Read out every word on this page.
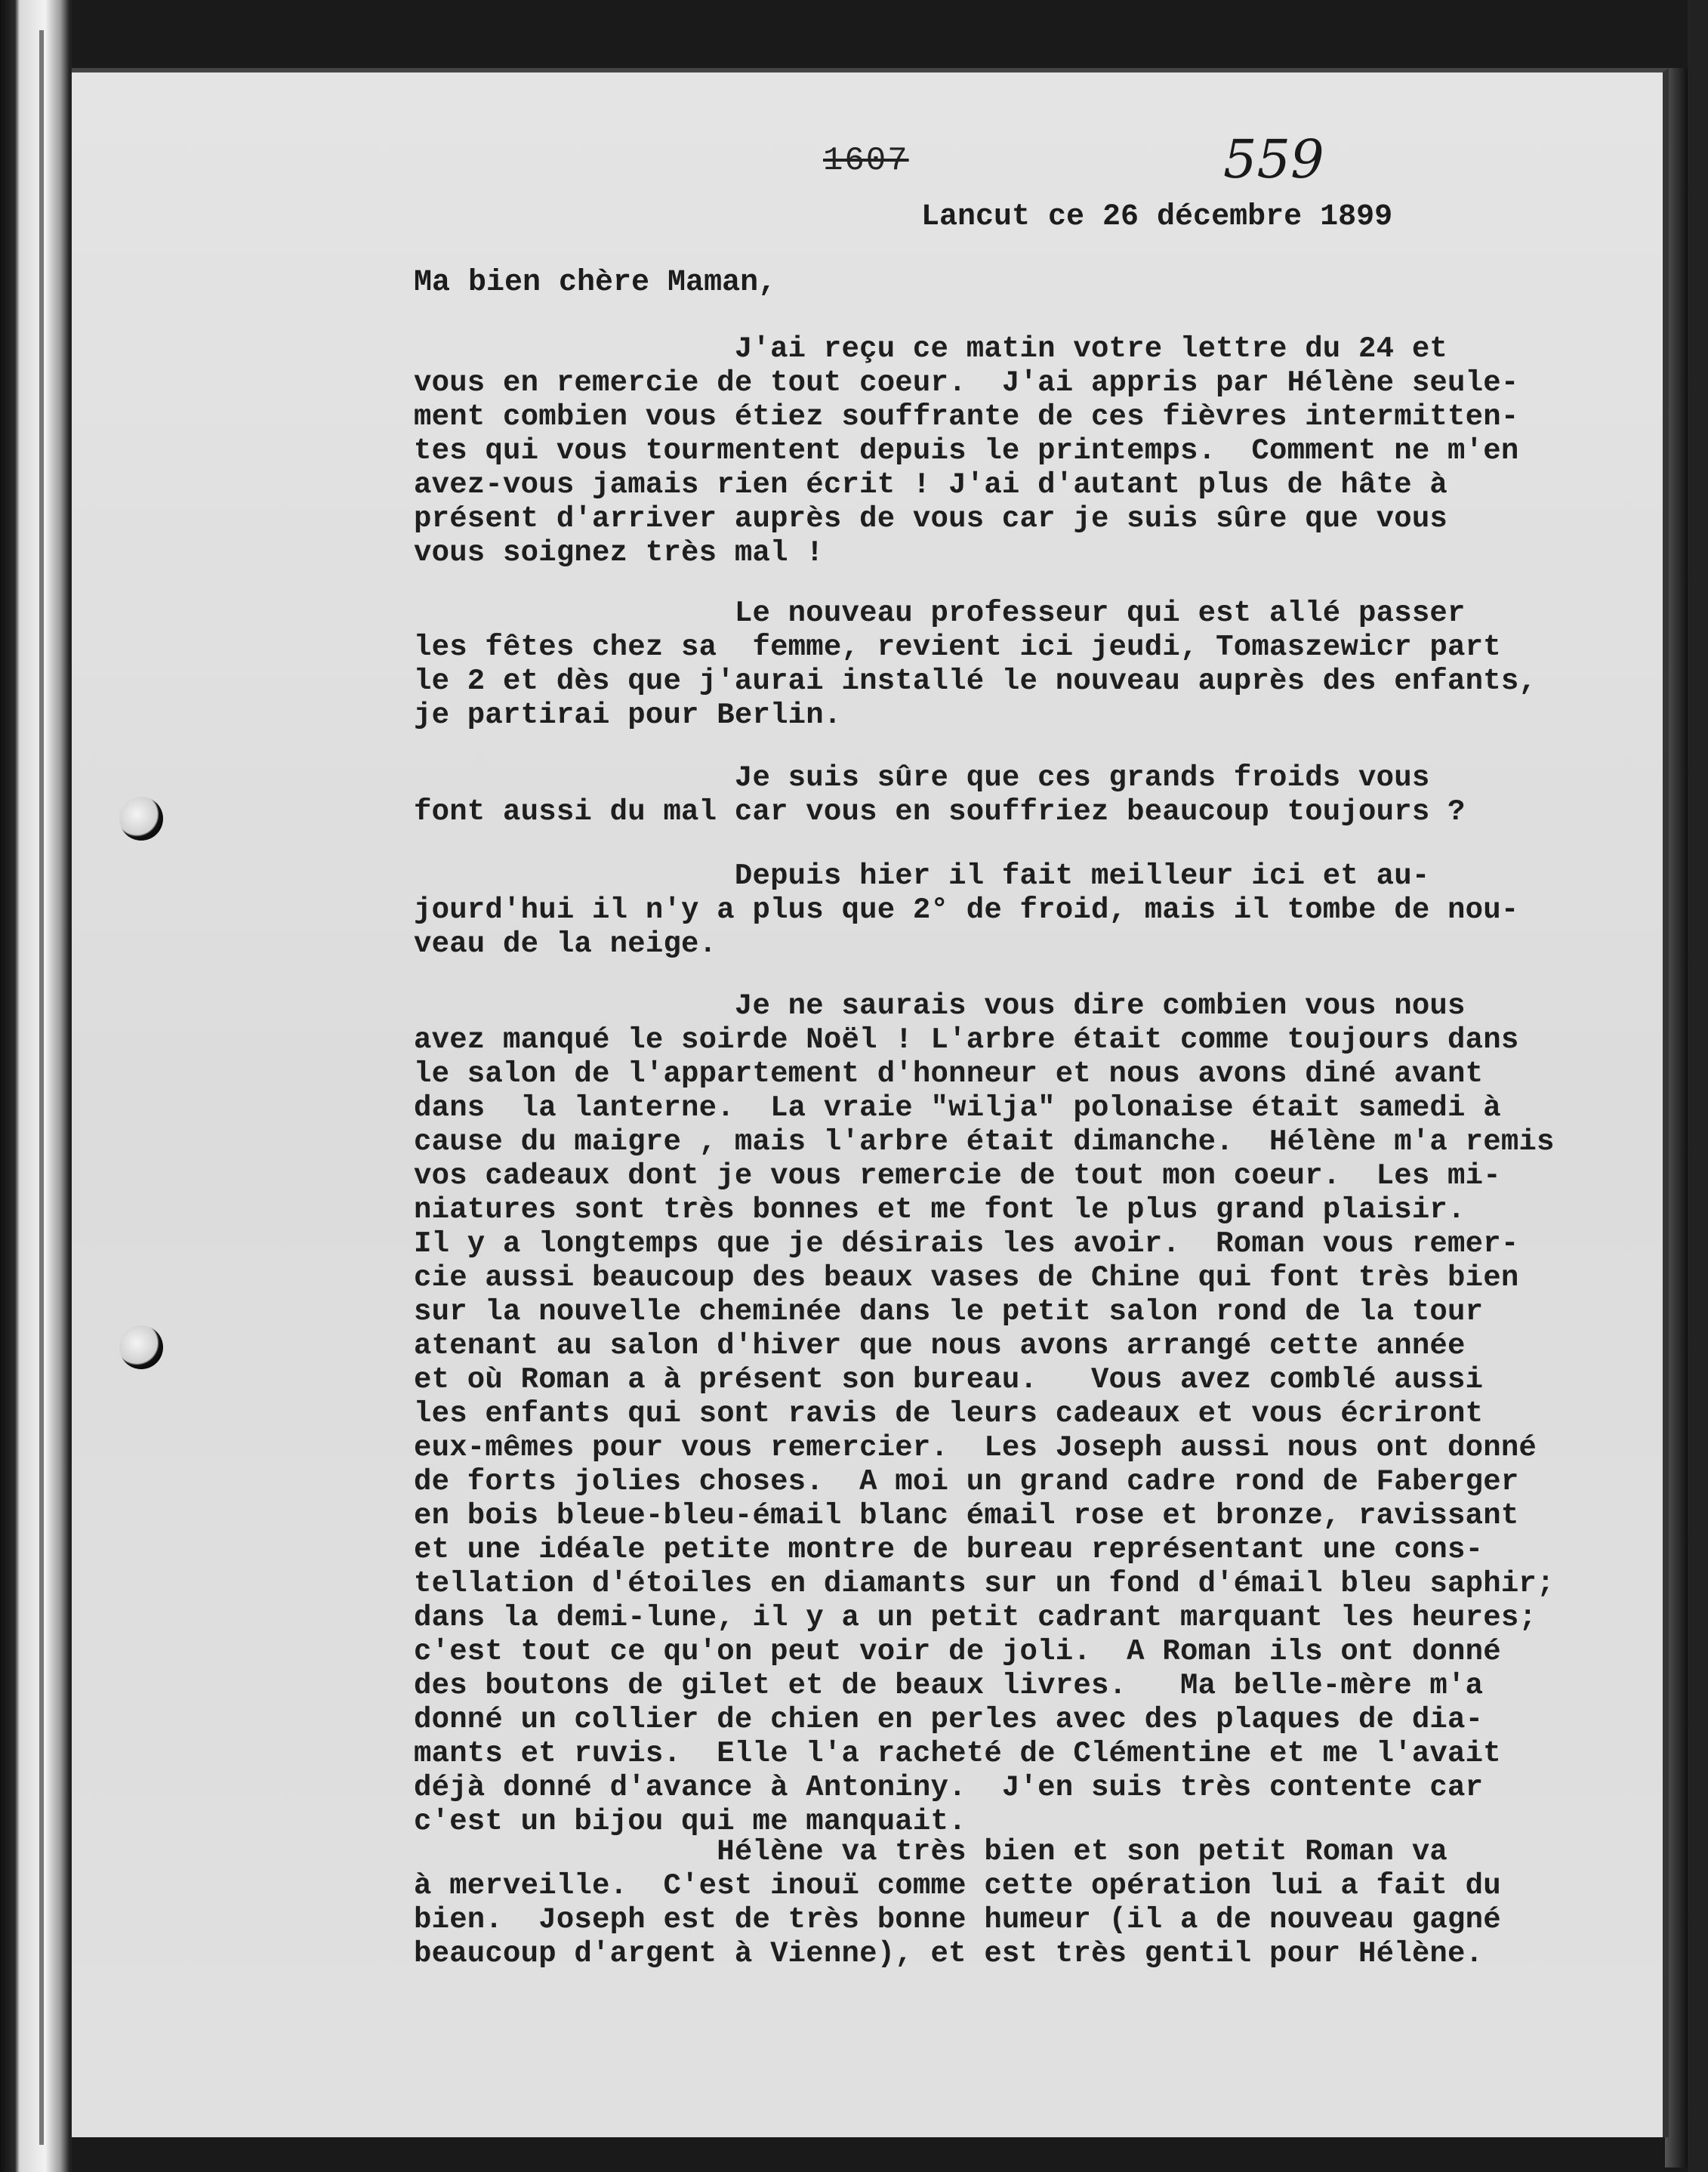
1607	559
Lancut ce 26 décembre 1899
Ma bien chère Maman,

J'ai reçu ce matin votre lettre du 24 et
vous en remercie de tout coeur.  J'ai appris par Hélène seule-
ment combien vous étiez souffrante de ces fièvres intermitten-
tes qui vous tourmentent depuis le printemps.  Comment ne m'en
avez-vous jamais rien écrit ! J'ai d'autant plus de hâte à
présent d'arriver auprès de vous car je suis sûre que vous
vous soignez très mal !

Le nouveau professeur qui est allé passer
les fêtes chez sa  femme, revient ici jeudi, Tomaszewicr part
le 2 et dès que j'aurai installé le nouveau auprès des enfants,
je partirai pour Berlin.

Je suis sûre que ces grands froids vous
font aussi du mal car vous en souffriez beaucoup toujours ?

Depuis hier il fait meilleur ici et au-
jourd'hui il n'y a plus que 2° de froid, mais il tombe de nou-
veau de la neige.

Je ne saurais vous dire combien vous nous
avez manqué le soirde Noël ! L'arbre était comme toujours dans
le salon de l'appartement d'honneur et nous avons diné avant
dans  la lanterne.  La vraie "wilja" polonaise était samedi à
cause du maigre , mais l'arbre était dimanche.  Hélène m'a remis
vos cadeaux dont je vous remercie de tout mon coeur.  Les mi-
niatures sont très bonnes et me font le plus grand plaisir.
Il y a longtemps que je désirais les avoir.  Roman vous remer-
cie aussi beaucoup des beaux vases de Chine qui font très bien
sur la nouvelle cheminée dans le petit salon rond de la tour
atenant au salon d'hiver que nous avons arrangé cette année
et où Roman a à présent son bureau.   Vous avez comblé aussi
les enfants qui sont ravis de leurs cadeaux et vous écriront
eux-mêmes pour vous remercier.  Les Joseph aussi nous ont donné
de forts jolies choses.  A moi un grand cadre rond de Faberger
en bois bleue-bleu-émail blanc émail rose et bronze, ravissant
et une idéale petite montre de bureau représentant une cons-
tellation d'étoiles en diamants sur un fond d'émail bleu saphir;
dans la demi-lune, il y a un petit cadrant marquant les heures;
c'est tout ce qu'on peut voir de joli.  A Roman ils ont donné
des boutons de gilet et de beaux livres.   Ma belle-mère m'a
donné un collier de chien en perles avec des plaques de dia-
mants et ruvis.  Elle l'a racheté de Clémentine et me l'avait
déjà donné d'avance à Antoniny.  J'en suis très contente car
c'est un bijou qui me manquait.

Hélène va très bien et son petit Roman va
à merveille.  C'est inouï comme cette opération lui a fait du
bien.  Joseph est de très bonne humeur (il a de nouveau gagné
beaucoup d'argent à Vienne), et est très gentil pour Hélène.
